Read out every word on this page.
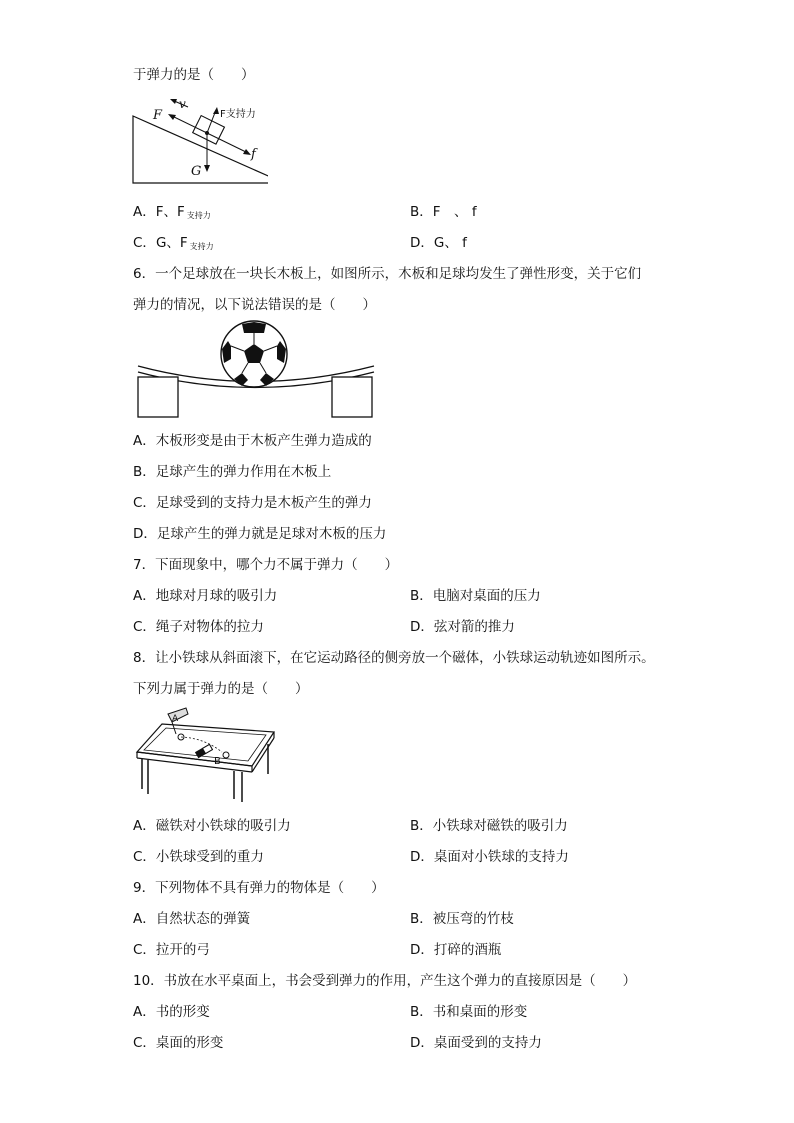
于弹力的是（　　）
v
F	F支持力
f
G
A．F、F $_{支持力}$	B．F　、 f
C．G、F $_{支持力}$	D．G、 f
6．一个足球放在一块长木板上，如图所示，木板和足球均发生了弹性形变，关于它们
弹力的情况，以下说法错误的是（　　）
A．木板形变是由于木板产生弹力造成的
B．足球产生的弹力作用在木板上
C．足球受到的支持力是木板产生的弹力
D．足球产生的弹力就是足球对木板的压力
7．下面现象中，哪个力不属于弹力（　　）
A．地球对月球的吸引力	B．电脑对桌面的压力
C．绳子对物体的拉力	D．弦对箭的推力
8．让小铁球从斜面滚下，在它运动路径的侧旁放一个磁体，小铁球运动轨迹如图所示。
下列力属于弹力的是（　　）
A
B
A．磁铁对小铁球的吸引力	B．小铁球对磁铁的吸引力
C．小铁球受到的重力	D．桌面对小铁球的支持力
9．下列物体不具有弹力的物体是（　　）
A．自然状态的弹簧	B．被压弯的竹枝
C．拉开的弓	D．打碎的酒瓶
10．书放在水平桌面上，书会受到弹力的作用，产生这个弹力的直接原因是（　　）
A．书的形变	B．书和桌面的形变
C．桌面的形变	D．桌面受到的支持力
